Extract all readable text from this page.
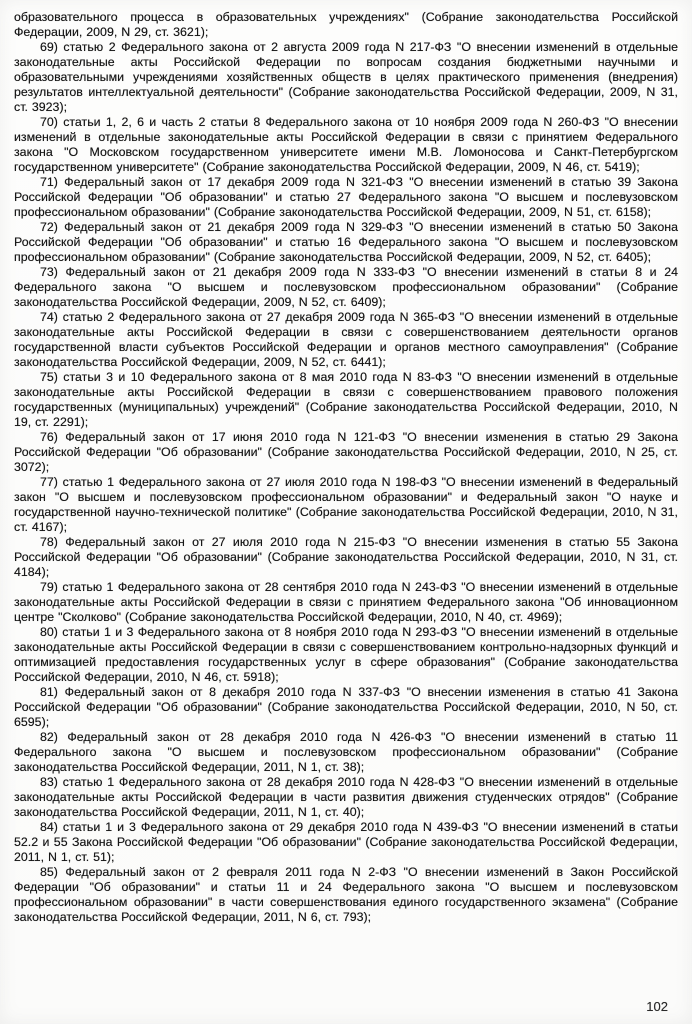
образовательного процесса в образовательных учреждениях" (Собрание законодательства Российской Федерации, 2009, N 29, ст. 3621);

69) статью 2 Федерального закона от 2 августа 2009 года N 217-ФЗ "О внесении изменений в отдельные законодательные акты Российской Федерации по вопросам создания бюджетными научными и образовательными учреждениями хозяйственных обществ в целях практического применения (внедрения) результатов интеллектуальной деятельности" (Собрание законодательства Российской Федерации, 2009, N 31, ст. 3923);

70) статьи 1, 2, 6 и часть 2 статьи 8 Федерального закона от 10 ноября 2009 года N 260-ФЗ "О внесении изменений в отдельные законодательные акты Российской Федерации в связи с принятием Федерального закона "О Московском государственном университете имени М.В. Ломоносова и Санкт-Петербургском государственном университете" (Собрание законодательства Российской Федерации, 2009, N 46, ст. 5419);

71) Федеральный закон от 17 декабря 2009 года N 321-ФЗ "О внесении изменений в статью 39 Закона Российской Федерации "Об образовании" и статью 27 Федерального закона "О высшем и послевузовском профессиональном образовании" (Собрание законодательства Российской Федерации, 2009, N 51, ст. 6158);

72) Федеральный закон от 21 декабря 2009 года N 329-ФЗ "О внесении изменений в статью 50 Закона Российской Федерации "Об образовании" и статью 16 Федерального закона "О высшем и послевузовском профессиональном образовании" (Собрание законодательства Российской Федерации, 2009, N 52, ст. 6405);

73) Федеральный закон от 21 декабря 2009 года N 333-ФЗ "О внесении изменений в статьи 8 и 24 Федерального закона "О высшем и послевузовском профессиональном образовании" (Собрание законодательства Российской Федерации, 2009, N 52, ст. 6409);

74) статью 2 Федерального закона от 27 декабря 2009 года N 365-ФЗ "О внесении изменений в отдельные законодательные акты Российской Федерации в связи с совершенствованием деятельности органов государственной власти субъектов Российской Федерации и органов местного самоуправления" (Собрание законодательства Российской Федерации, 2009, N 52, ст. 6441);

75) статьи 3 и 10 Федерального закона от 8 мая 2010 года N 83-ФЗ "О внесении изменений в отдельные законодательные акты Российской Федерации в связи с совершенствованием правового положения государственных (муниципальных) учреждений" (Собрание законодательства Российской Федерации, 2010, N 19, ст. 2291);

76) Федеральный закон от 17 июня 2010 года N 121-ФЗ "О внесении изменения в статью 29 Закона Российской Федерации "Об образовании" (Собрание законодательства Российской Федерации, 2010, N 25, ст. 3072);

77) статью 1 Федерального закона от 27 июля 2010 года N 198-ФЗ "О внесении изменений в Федеральный закон "О высшем и послевузовском профессиональном образовании" и Федеральный закон "О науке и государственной научно-технической политике" (Собрание законодательства Российской Федерации, 2010, N 31, ст. 4167);

78) Федеральный закон от 27 июля 2010 года N 215-ФЗ "О внесении изменения в статью 55 Закона Российской Федерации "Об образовании" (Собрание законодательства Российской Федерации, 2010, N 31, ст. 4184);

79) статью 1 Федерального закона от 28 сентября 2010 года N 243-ФЗ "О внесении изменений в отдельные законодательные акты Российской Федерации в связи с принятием Федерального закона "Об инновационном центре "Сколково" (Собрание законодательства Российской Федерации, 2010, N 40, ст. 4969);

80) статьи 1 и 3 Федерального закона от 8 ноября 2010 года N 293-ФЗ "О внесении изменений в отдельные законодательные акты Российской Федерации в связи с совершенствованием контрольно-надзорных функций и оптимизацией предоставления государственных услуг в сфере образования" (Собрание законодательства Российской Федерации, 2010, N 46, ст. 5918);

81) Федеральный закон от 8 декабря 2010 года N 337-ФЗ "О внесении изменения в статью 41 Закона Российской Федерации "Об образовании" (Собрание законодательства Российской Федерации, 2010, N 50, ст. 6595);

82) Федеральный закон от 28 декабря 2010 года N 426-ФЗ "О внесении изменений в статью 11 Федерального закона "О высшем и послевузовском профессиональном образовании" (Собрание законодательства Российской Федерации, 2011, N 1, ст. 38);

83) статью 1 Федерального закона от 28 декабря 2010 года N 428-ФЗ "О внесении изменений в отдельные законодательные акты Российской Федерации в части развития движения студенческих отрядов" (Собрание законодательства Российской Федерации, 2011, N 1, ст. 40);

84) статьи 1 и 3 Федерального закона от 29 декабря 2010 года N 439-ФЗ "О внесении изменений в статьи 52.2 и 55 Закона Российской Федерации "Об образовании" (Собрание законодательства Российской Федерации, 2011, N 1, ст. 51);

85) Федеральный закон от 2 февраля 2011 года N 2-ФЗ "О внесении изменений в Закон Российской Федерации "Об образовании" и статьи 11 и 24 Федерального закона "О высшем и послевузовском профессиональном образовании" в части совершенствования единого государственного экзамена" (Собрание законодательства Российской Федерации, 2011, N 6, ст. 793);

102
